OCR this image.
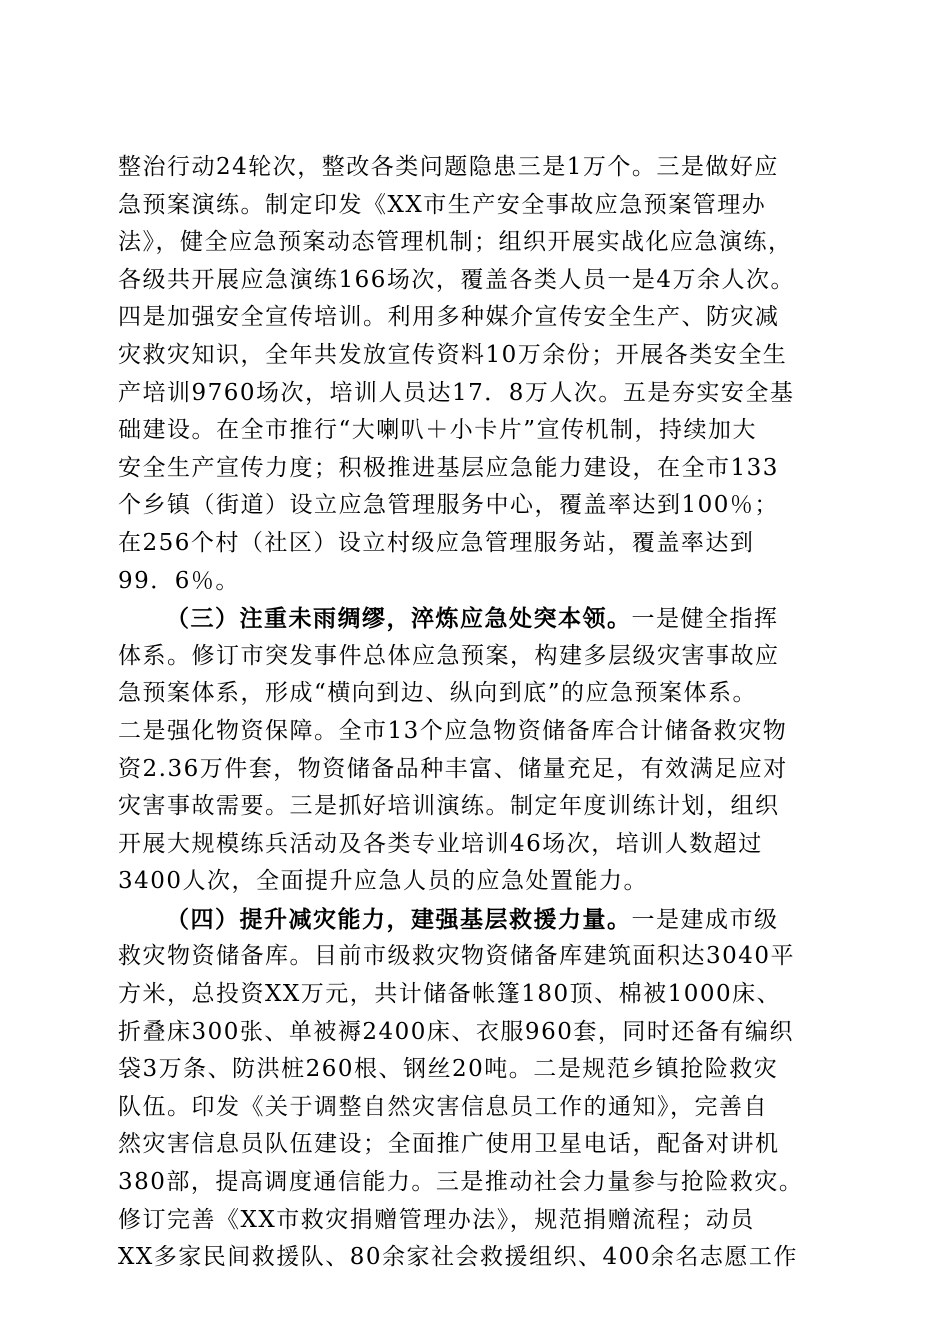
整治行动24轮次，整改各类问题隐患三是1万个。三是做好应
急预案演练。制定印发《XX市生产安全事故应急预案管理办
法》，健全应急预案动态管理机制；组织开展实战化应急演练，
各级共开展应急演练166场次，覆盖各类人员一是4万余人次。
四是加强安全宣传培训。利用多种媒介宣传安全生产、防灾减
灾救灾知识，全年共发放宣传资料10万余份；开展各类安全生
产培训9760场次，培训人员达17．8万人次。五是夯实安全基
础建设。在全市推行“大喇叭＋小卡片”宣传机制，持续加大
安全生产宣传力度；积极推进基层应急能力建设，在全市133
个乡镇（街道）设立应急管理服务中心，覆盖率达到100％；
在256个村（社区）设立村级应急管理服务站，覆盖率达到
99．6％。
（三）注重未雨绸缪，淬炼应急处突本领。一是健全指挥
体系。修订市突发事件总体应急预案，构建多层级灾害事故应
急预案体系，形成“横向到边、纵向到底”的应急预案体系。
二是强化物资保障。全市13个应急物资储备库合计储备救灾物
资2.36万件套，物资储备品种丰富、储量充足，有效满足应对
灾害事故需要。三是抓好培训演练。制定年度训练计划，组织
开展大规模练兵活动及各类专业培训46场次，培训人数超过
3400人次，全面提升应急人员的应急处置能力。
（四）提升减灾能力，建强基层救援力量。一是建成市级
救灾物资储备库。目前市级救灾物资储备库建筑面积达3040平
方米，总投资XX万元，共计储备帐篷180顶、棉被1000床、
折叠床300张、单被褥2400床、衣服960套，同时还备有编织
袋3万条、防洪桩260根、钢丝20吨。二是规范乡镇抢险救灾
队伍。印发《关于调整自然灾害信息员工作的通知》，完善自
然灾害信息员队伍建设；全面推广使用卫星电话，配备对讲机
380部，提高调度通信能力。三是推动社会力量参与抢险救灾。
修订完善《XX市救灾捐赠管理办法》，规范捐赠流程；动员
XX多家民间救援队、80余家社会救援组织、400余名志愿工作
